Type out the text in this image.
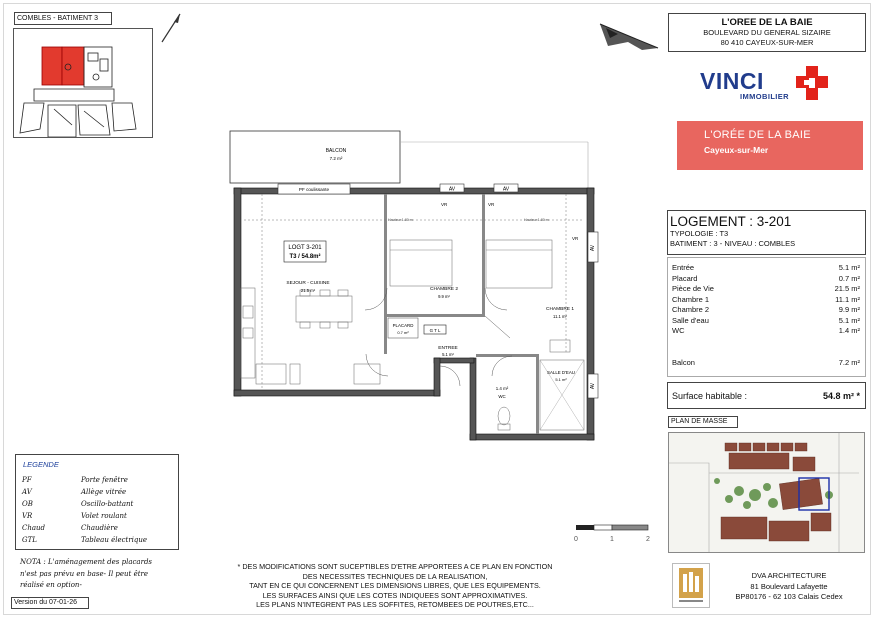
COMBLES - BATIMENT 3	L'OREE DE LA BAIE
BOULEVARD DU GENERAL SIZAIRE
80 410 CAYEUX-SUR-MER
VINCI
IMMOBILIER
L'ORÉE DE LA BAIE
Cayeux-sur-Mer
LOGEMENT : 3-201
TYPOLOGIE : T3
BATIMENT : 3 - NIVEAU : COMBLES
Entrée	5.1 m²
Placard	0.7 m²
Pièce de Vie	21.5 m²
Chambre 1	11.1 m²
Chambre 2	9.9 m²
Salle d'eau	5.1 m²
WC	1.4 m²
Balcon	7.2 m²
Surface habitable :	54.8 m² *
PLAN DE MASSE
DVA ARCHITECTURE
81 Boulevard Lafayette
BP80176 - 62 103 Calais Cedex
LEGENDE
PF	Porte fenêtre
AV	Allège vitrée
OB	Oscillo-battant
VR	Volet roulant
Chaud	Chaudière
GTL	Tableau électrique
NOTA : L'aménagement des placards
n'est pas prévu en base- Il peut être
réalisé en option-
Version du 07-01-26
* DES MODIFICATIONS SONT SUCEPTIBLES D'ETRE APPORTEES A CE PLAN EN FONCTION
DES NECESSITES TECHNIQUES DE LA REALISATION,
TANT EN CE QUI CONCERNENT LES DIMENSIONS LIBRES, QUE LES EQUIPEMENTS.
LES SURFACES AINSI QUE LES COTES INDIQUEES SONT APPROXIMATIVES.
LES PLANS N'INTEGRENT PAS LES SOFFITES, RETOMBEES DE POUTRES,ETC...
0	1	2
BALCON
7.2 m²
PF coulissante	AV	AV
AV
AV
VR	VR
VR
Hauteur 1.80 m	Hauteur 1.80 m
LOGT 3-201
T3 / 54.8m²
SEJOUR - CUISINE
21.5 m²	CHAMBRE 2
9.9 m²
CHAMBRE 1
11.1 m²
PLACARD
0.7 m²	G T L
ENTREE
5.1 m²
SALLE D'EAU
5.1 m²
1.4 m²
WC
